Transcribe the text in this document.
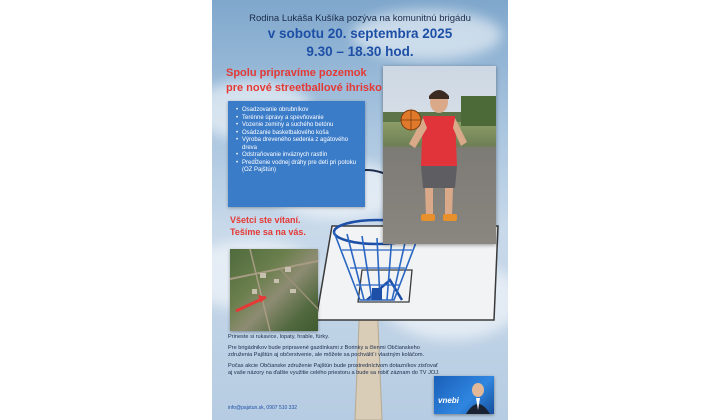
Rodina Lukáša Kušíka pozýva na komunitnú brigádu
v sobotu 20. septembra 2025
9.30 – 18.30 hod.
Spolu pripravíme pozemok
pre nové streetballové ihrisko
• Osadzovanie obrubníkov
• Terénne úpravy a spevňovanie
• Vozenie zeminy a suchého betónu
• Osádzanie basketbalového koša
• Výroba dreveného sedenia z agátového dreva
• Odstraňovanie inváznych rastlín
• Predĺženie vodnej dráhy pre deti pri potoku (OZ Pajštún)
Všetci ste vítaní.
Tešíme sa na vás.

Prineste si rukavice, lopaty, hrable, fúrky.

Pre brigádnikov bude pripravené gazdinkami z Borinky a členmi Občianskeho združenia Pajštún aj občerstvenie, ale môžete sa pochváliť i vlastným koláčom.

Počas akcie Občianske združenie Pajštún bude prostredníctvom dotazníkov zisťovať aj vaše názory na ďalšie využitie celého priestoru a bude sa robiť záznam do TV JOJ.

info@pajstun.sk, 0907 510 332
vnebi
